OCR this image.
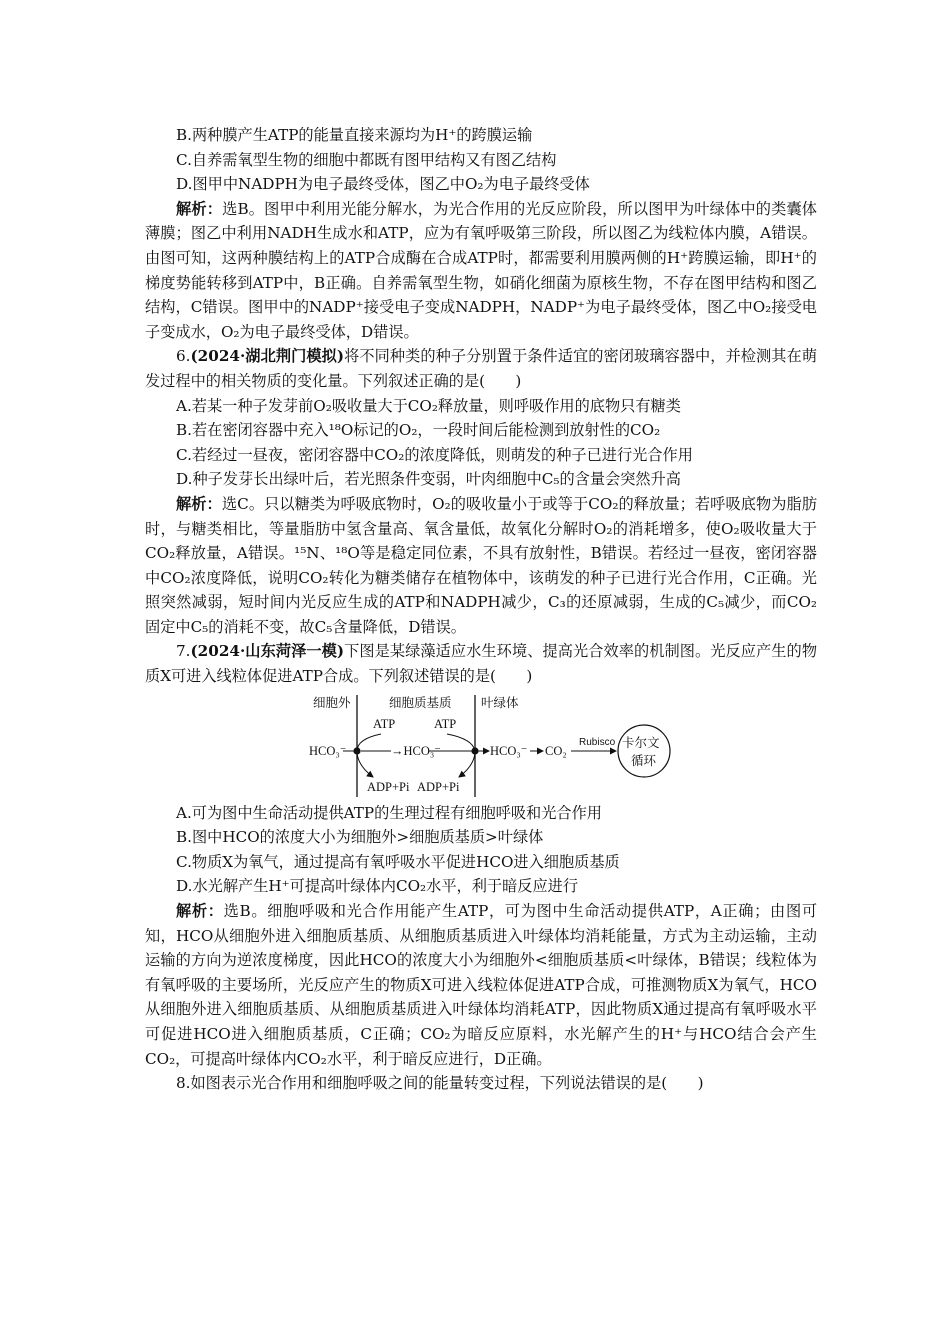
B.两种膜产生ATP的能量直接来源均为H⁺的跨膜运输

C.自养需氧型生物的细胞中都既有图甲结构又有图乙结构

D.图甲中NADPH为电子最终受体，图乙中O₂为电子最终受体

解析：选B。图甲中利用光能分解水，为光合作用的光反应阶段，所以图甲为叶绿体中的类囊体薄膜；图乙中利用NADH生成水和ATP，应为有氧呼吸第三阶段，所以图乙为线粒体内膜，A错误。由图可知，这两种膜结构上的ATP合成酶在合成ATP时，都需要利用膜两侧的H⁺跨膜运输，即H⁺的梯度势能转移到ATP中，B正确。自养需氧型生物，如硝化细菌为原核生物，不存在图甲结构和图乙结构，C错误。图甲中的NADP⁺接受电子变成NADPH，NADP⁺为电子最终受体，图乙中O₂接受电子变成水，O₂为电子最终受体，D错误。

6.(2024·湖北荆门模拟)将不同种类的种子分别置于条件适宜的密闭玻璃容器中，并检测其在萌发过程中的相关物质的变化量。下列叙述正确的是(　　)

A.若某一种子发芽前O₂吸收量大于CO₂释放量，则呼吸作用的底物只有糖类

B.若在密闭容器中充入¹⁸O标记的O₂，一段时间后能检测到放射性的CO₂

C.若经过一昼夜，密闭容器中CO₂的浓度降低，则萌发的种子已进行光合作用

D.种子发芽长出绿叶后，若光照条件变弱，叶肉细胞中C₅的含量会突然升高

解析：选C。只以糖类为呼吸底物时，O₂的吸收量小于或等于CO₂的释放量；若呼吸底物为脂肪时，与糖类相比，等量脂肪中氢含量高、氧含量低，故氧化分解时O₂的消耗增多，使O₂吸收量大于CO₂释放量，A错误。¹⁵N、¹⁸O等是稳定同位素，不具有放射性，B错误。若经过一昼夜，密闭容器中CO₂浓度降低，说明CO₂转化为糖类储存在植物体中，该萌发的种子已进行光合作用，C正确。光照突然减弱，短时间内光反应生成的ATP和NADPH减少，C₃的还原减弱，生成的C₅减少，而CO₂固定中C₅的消耗不变，故C₅含量降低，D错误。

7.(2024·山东菏泽一模)下图是某绿藻适应水生环境、提高光合效率的机制图。光反应产生的物质X可进入线粒体促进ATP合成。下列叙述错误的是(　　)

细胞外	细胞质基质 叶绿体
ATP	ATP
HCO₃⁻	→HCO₃⁻	HCO₃⁻ CO₂
Rubisco 卡尔文
循环
ADP+Pi ADP+Pi

A.可为图中生命活动提供ATP的生理过程有细胞呼吸和光合作用

B.图中HCO的浓度大小为细胞外>细胞质基质>叶绿体

C.物质X为氧气，通过提高有氧呼吸水平促进HCO进入细胞质基质

D.水光解产生H⁺可提高叶绿体内CO₂水平，利于暗反应进行

解析：选B。细胞呼吸和光合作用能产生ATP，可为图中生命活动提供ATP，A正确；由图可知，HCO从细胞外进入细胞质基质、从细胞质基质进入叶绿体均消耗能量，方式为主动运输，主动运输的方向为逆浓度梯度，因此HCO的浓度大小为细胞外<细胞质基质<叶绿体，B错误；线粒体为有氧呼吸的主要场所，光反应产生的物质X可进入线粒体促进ATP合成，可推测物质X为氧气，HCO从细胞外进入细胞质基质、从细胞质基质进入叶绿体均消耗ATP，因此物质X通过提高有氧呼吸水平可促进HCO进入细胞质基质，C正确；CO₂为暗反应原料，水光解产生的H⁺与HCO结合会产生CO₂，可提高叶绿体内CO₂水平，利于暗反应进行，D正确。

8.如图表示光合作用和细胞呼吸之间的能量转变过程，下列说法错误的是(　　)
